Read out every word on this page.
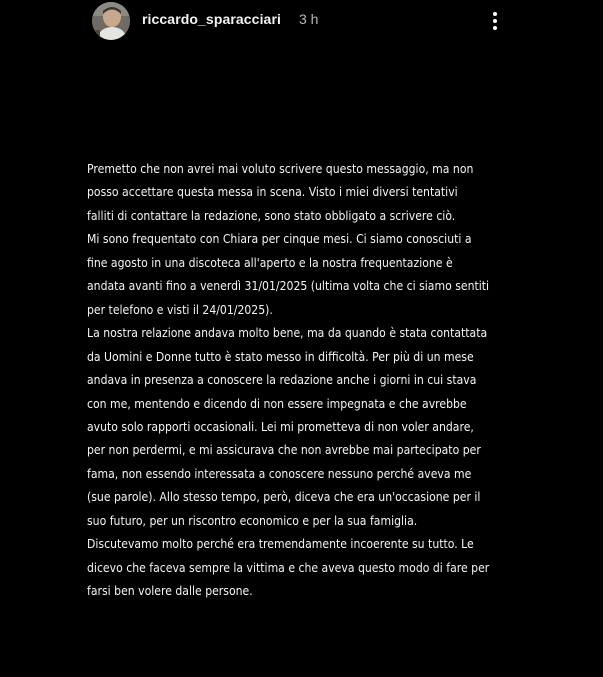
riccardo_sparacciari 3 h
Premetto che non avrei mai voluto scrivere questo messaggio, ma non
posso accettare questa messa in scena. Visto i miei diversi tentativi
falliti di contattare la redazione, sono stato obbligato a scrivere ciò.
Mi sono frequentato con Chiara per cinque mesi. Ci siamo conosciuti a
fine agosto in una discoteca all'aperto e la nostra frequentazione è
andata avanti fino a venerdì 31/01/2025 (ultima volta che ci siamo sentiti
per telefono e visti il 24/01/2025).
La nostra relazione andava molto bene, ma da quando è stata contattata
da Uomini e Donne tutto è stato messo in difficoltà. Per più di un mese
andava in presenza a conoscere la redazione anche i giorni in cui stava
con me, mentendo e dicendo di non essere impegnata e che avrebbe
avuto solo rapporti occasionali. Lei mi prometteva di non voler andare,
per non perdermi, e mi assicurava che non avrebbe mai partecipato per
fama, non essendo interessata a conoscere nessuno perché aveva me
(sue parole). Allo stesso tempo, però, diceva che era un'occasione per il
suo futuro, per un riscontro economico e per la sua famiglia.
Discutevamo molto perché era tremendamente incoerente su tutto. Le
dicevo che faceva sempre la vittima e che aveva questo modo di fare per
farsi ben volere dalle persone.
